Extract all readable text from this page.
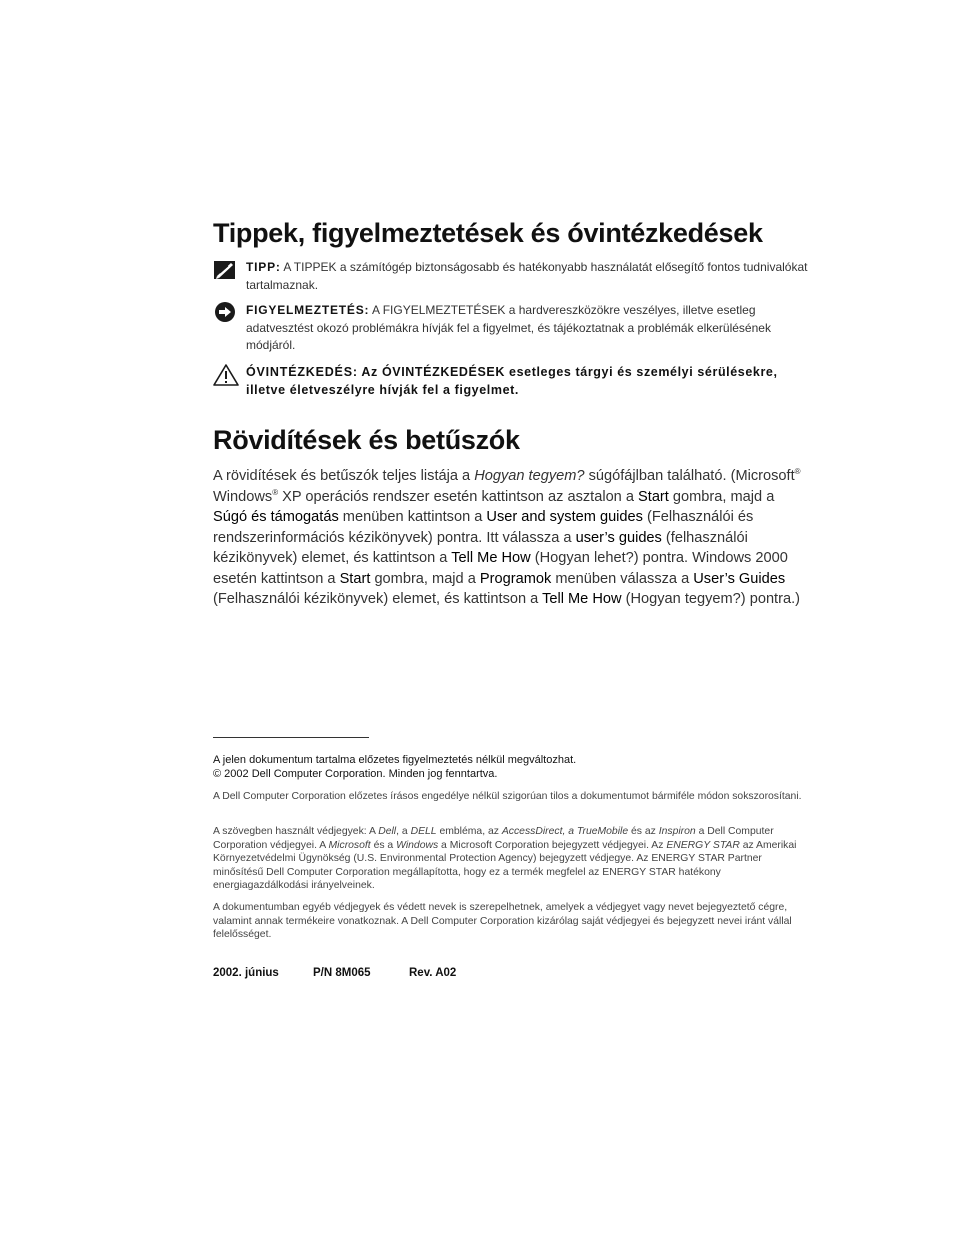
Tippek, figyelmeztetések és óvintézkedések
TIPP: A TIPPEK a számítógép biztonságosabb és hatékonyabb használatát elősegítő fontos tudnivalókat tartalmaznak.
FIGYELMEZTETÉS: A FIGYELMEZTETÉSEK a hardvereszközökre veszélyes, illetve esetleg adatvesztést okozó problémákra hívják fel a figyelmet, és tájékoztatnak a problémák elkerülésének módjáról.
ÓVINTÉZKEDÉS: Az ÓVINTÉZKEDÉSEK esetleges tárgyi és személyi sérülésekre, illetve életveszélyre hívják fel a figyelmet.
Rövidítések és betűszók

A rövidítések és betűszók teljes listája a Hogyan tegyem? súgófájlban található. (Microsoft® Windows® XP operációs rendszer esetén kattintson az asztalon a Start gombra, majd a Súgó és támogatás menüben kattintson a User and system guides (Felhasználói és rendszerinformációs kézikönyvek) pontra. Itt válassza a user’s guides (felhasználói kézikönyvek) elemet, és kattintson a Tell Me How (Hogyan lehet?) pontra. Windows 2000 esetén kattintson a Start gombra, majd a Programok menüben válassza a User’s Guides (Felhasználói kézikönyvek) elemet, és kattintson a Tell Me How (Hogyan tegyem?) pontra.)

A jelen dokumentum tartalma előzetes figyelmeztetés nélkül megváltozhat.
© 2002 Dell Computer Corporation. Minden jog fenntartva.

A Dell Computer Corporation előzetes írásos engedélye nélkül szigorúan tilos a dokumentumot bármiféle módon sokszorosítani.

A szövegben használt védjegyek: A Dell, a DELL embléma, az AccessDirect, a TrueMobile és az Inspiron a Dell Computer Corporation védjegyei. A Microsoft és a Windows a Microsoft Corporation bejegyzett védjegyei. Az ENERGY STAR az Amerikai Környezetvédelmi Ügynökség (U.S. Environmental Protection Agency) bejegyzett védjegye. Az ENERGY STAR Partner minősítésű Dell Computer Corporation megállapította, hogy ez a termék megfelel az ENERGY STAR hatékony energiagazdálkodási irányelveinek.

A dokumentumban egyéb védjegyek és védett nevek is szerepelhetnek, amelyek a védjegyet vagy nevet bejegyeztető cégre, valamint annak termékeire vonatkoznak. A Dell Computer Corporation kizárólag saját védjegyei és bejegyzett nevei iránt vállal felelősséget.

2002. június	P/N 8M065	Rev. A02
